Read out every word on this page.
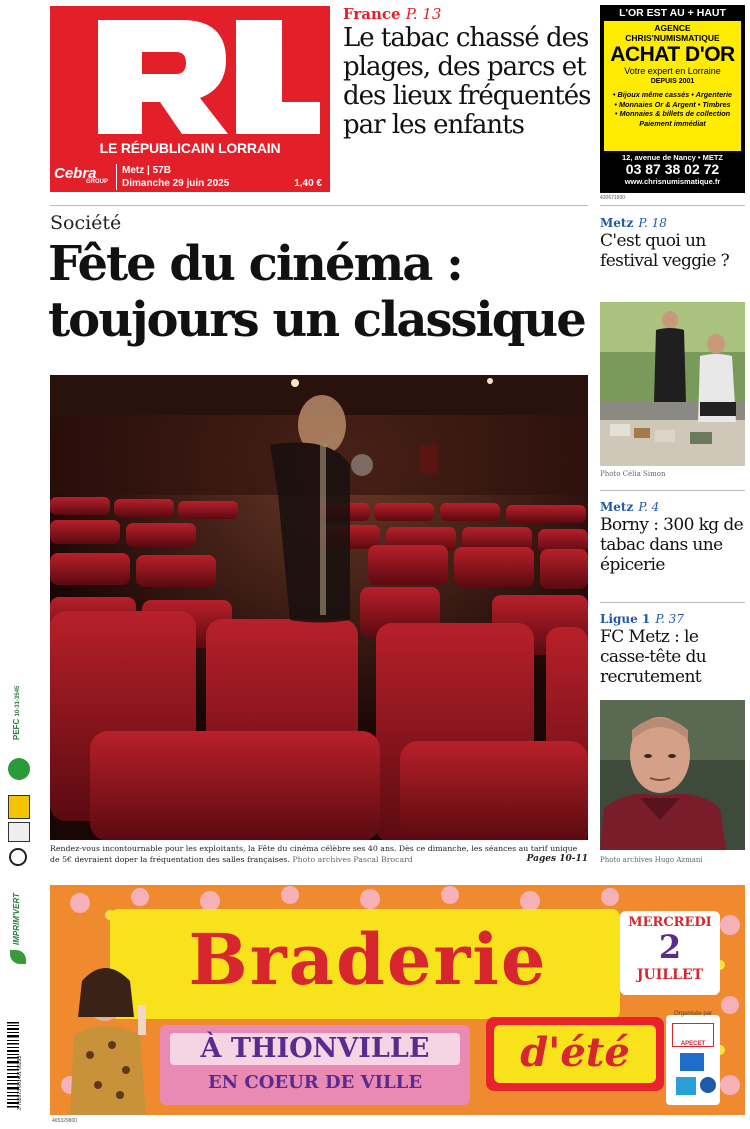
LE RÉPUBLICAIN LORRAIN
Cebra
GROUP
Metz | 57B
Dimanche 29 juin 2025	1,40 €
France P. 13
Le tabac chassé des plages, des parcs et des lieux fréquentés par les enfants
L'OR EST AU + HAUT
AGENCE
CHRIS'NUMISMATIQUE
ACHAT D'OR
Votre expert en Lorraine
DEPUIS 2001
• Bijoux même cassés • Argenterie
• Monnaies Or & Argent • Timbres
• Monnaies & billets de collection
Paiement immédiat
12, avenue de Nancy • METZ
03 87 38 02 72
www.chrisnumismatique.fr
430671600
Société
Fête du cinéma : toujours un classique
Rendez-vous incontournable pour les exploitants, la Fête du cinéma célèbre ses 40 ans. Dès ce dimanche, les séances au tarif unique de 5€ devraient doper la fréquentation des salles françaises. Photo archives Pascal Brocard	Pages 10-11
Metz P. 18
C'est quoi un festival veggie ?
Photo Célia Simon
Metz P. 4
Borny : 300 kg de tabac dans une épicerie
Ligue 1 P. 37
FC Metz : le casse-tête du recrutement
Photo archives Hugo Azmani
PEFC 10-31-3545
IMPRIM'VERT
3 782073 601401 06293
Braderie	MERCREDI
2
JUILLET
d'été
À THIONVILLE
EN COEUR DE VILLE
Organisée par
APECET
465329800
